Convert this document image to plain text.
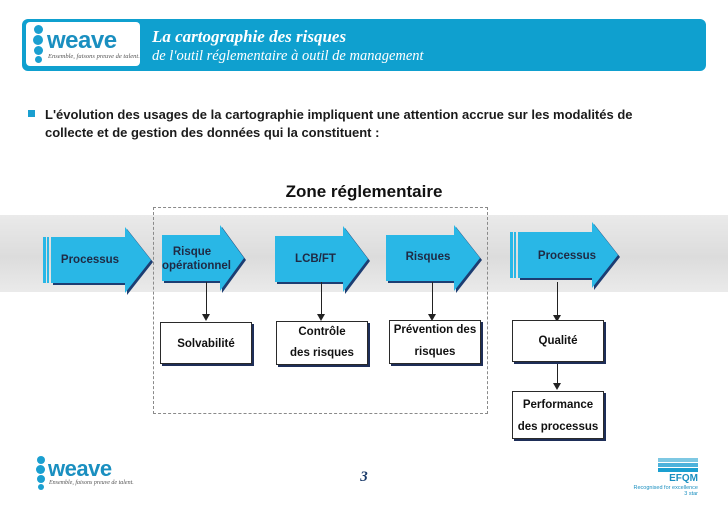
weave
Ensemble, faisons preuve de talent.
La cartographie des risques
de l'outil réglementaire à outil de management
L'évolution des usages de la cartographie impliquent une attention accrue sur les modalités de
collecte et de gestion des données qui la constituent :
Zone réglementaire
Processus
Risque
opérationnel
LCB/FT	Risques	Processus
Solvabilité
Contrôle
des risques
Prévention des
risques
Qualité
Performance
des processus
weave
Ensemble, faisons preuve de talent.	3	EFQM
Recognised for excellence
3 star
